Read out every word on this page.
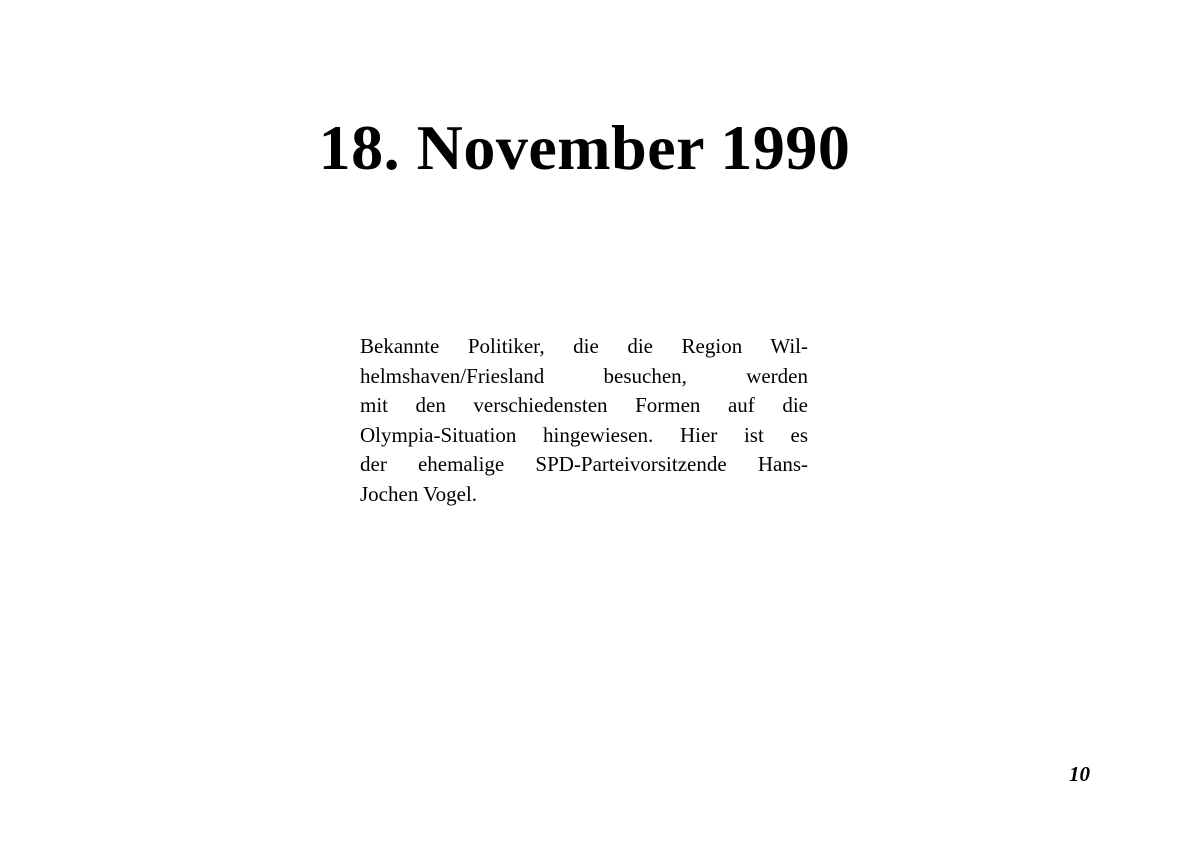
18. November 1990
Bekannte Politiker, die die Region Wil-
helmshaven/Friesland besuchen, werden
mit den verschiedensten Formen auf die
Olympia-Situation hingewiesen. Hier ist es
der ehemalige SPD-Parteivorsitzende Hans-
Jochen Vogel.
10
